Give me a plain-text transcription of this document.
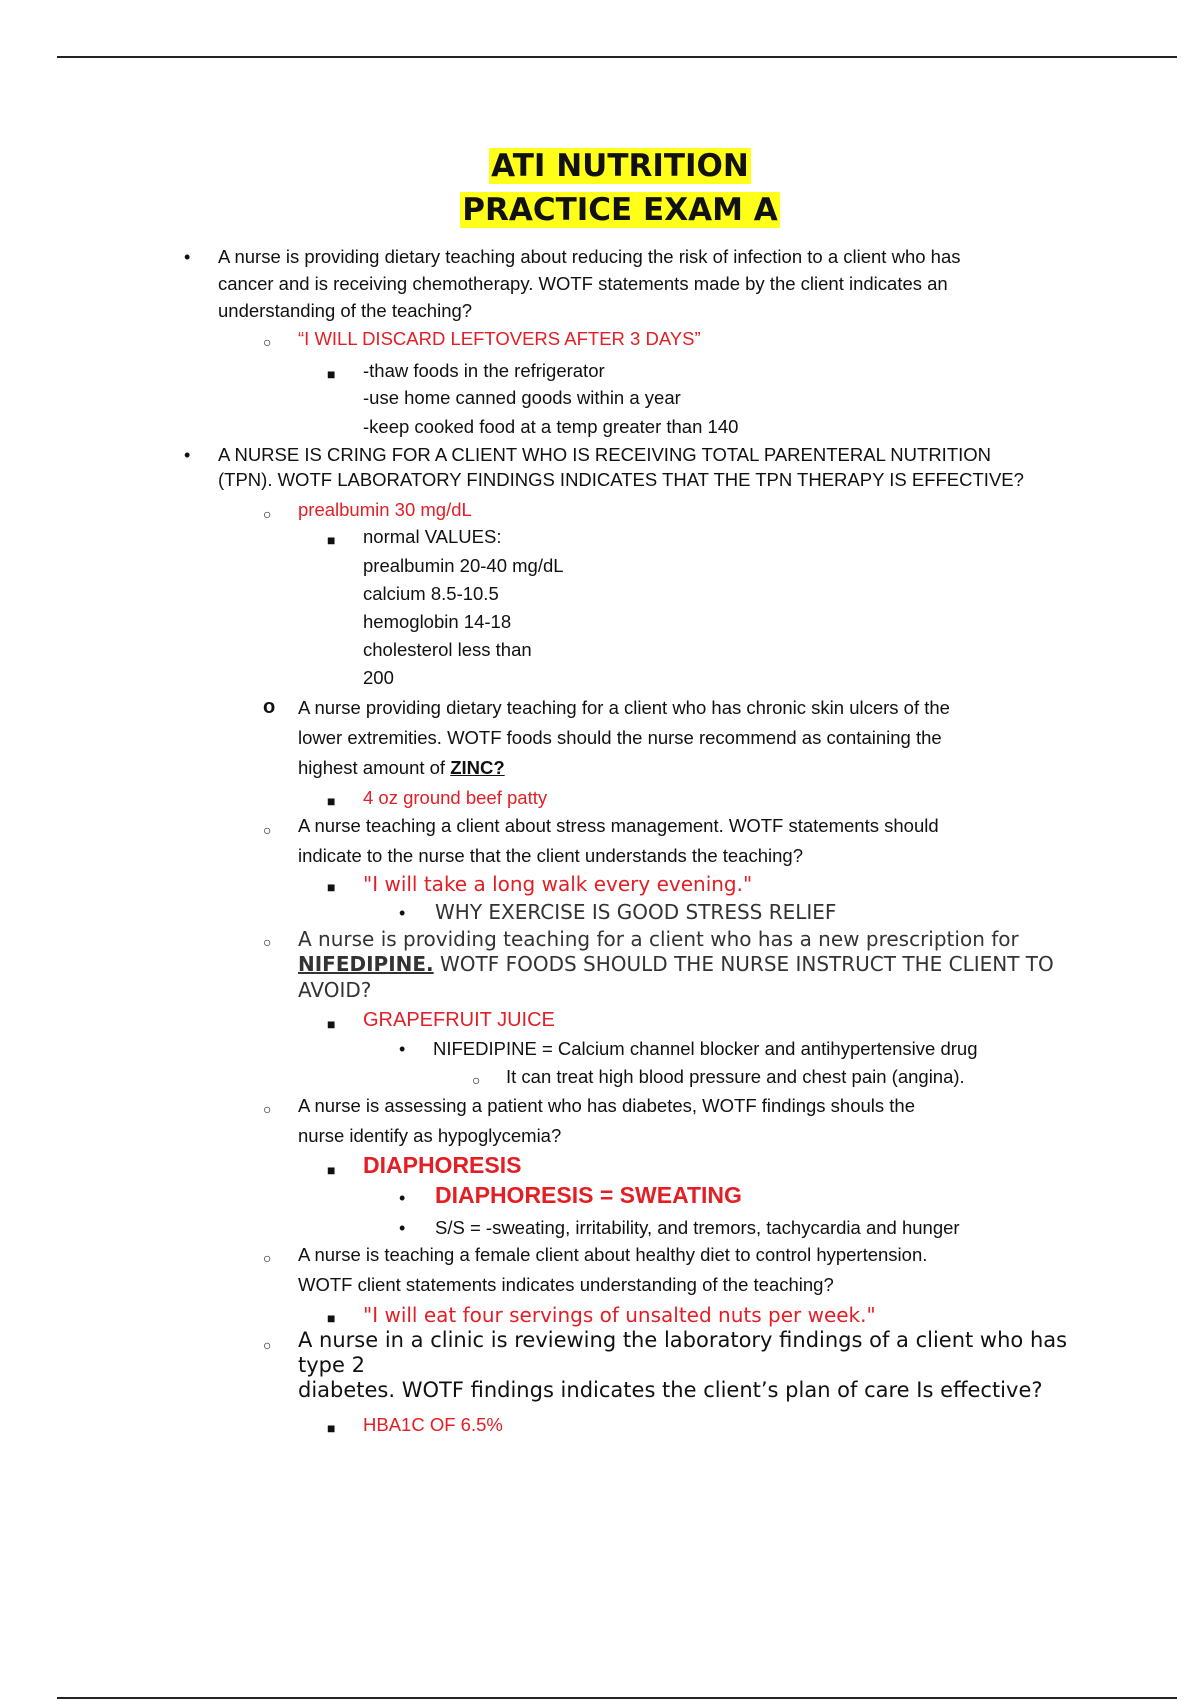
ATI NUTRITION
PRACTICE EXAM A
•
A nurse is providing dietary teaching about reducing the risk of infection to a client who has
cancer and is receiving chemotherapy. WOTF statements made by the client indicates an
understanding of the teaching?
○
“I WILL DISCARD LEFTOVERS AFTER 3 DAYS”
■
-thaw foods in the refrigerator
-use home canned goods within a year
-keep cooked food at a temp greater than 140
•
A NURSE IS CRING FOR A CLIENT WHO IS RECEIVING TOTAL PARENTERAL NUTRITION
(TPN). WOTF LABORATORY FINDINGS INDICATES THAT THE TPN THERAPY IS EFFECTIVE?
○
prealbumin 30 mg/dL
■
normal VALUES:
prealbumin 20-40 mg/dL
calcium 8.5-10.5
hemoglobin 14-18
cholesterol less than
200
o
A nurse providing dietary teaching for a client who has chronic skin ulcers of the
lower extremities. WOTF foods should the nurse recommend as containing the
highest amount of ZINC?
■
4 oz ground beef patty
○
A nurse teaching a client about stress management. WOTF statements should
indicate to the nurse that the client understands the teaching?
■
"I will take a long walk every evening."
•
WHY EXERCISE IS GOOD STRESS RELIEF
○
A nurse is providing teaching for a client who has a new prescription for
NIFEDIPINE. WOTF FOODS SHOULD THE NURSE INSTRUCT THE CLIENT TO
AVOID?
■
GRAPEFRUIT JUICE
•
NIFEDIPINE = Calcium channel blocker and antihypertensive drug
○
It can treat high blood pressure and chest pain (angina).
○
A nurse is assessing a patient who has diabetes, WOTF findings shouls the
nurse identify as hypoglycemia?
■
DIAPHORESIS
•
DIAPHORESIS = SWEATING
•
S/S = -sweating, irritability, and tremors, tachycardia and hunger
○
A nurse is teaching a female client about healthy diet to control hypertension.
WOTF client statements indicates understanding of the teaching?
■
"I will eat four servings of unsalted nuts per week."
○
A nurse in a clinic is reviewing the laboratory findings of a client who has
type 2
diabetes. WOTF findings indicates the client’s plan of care Is effective?
■
HBA1C OF 6.5%
